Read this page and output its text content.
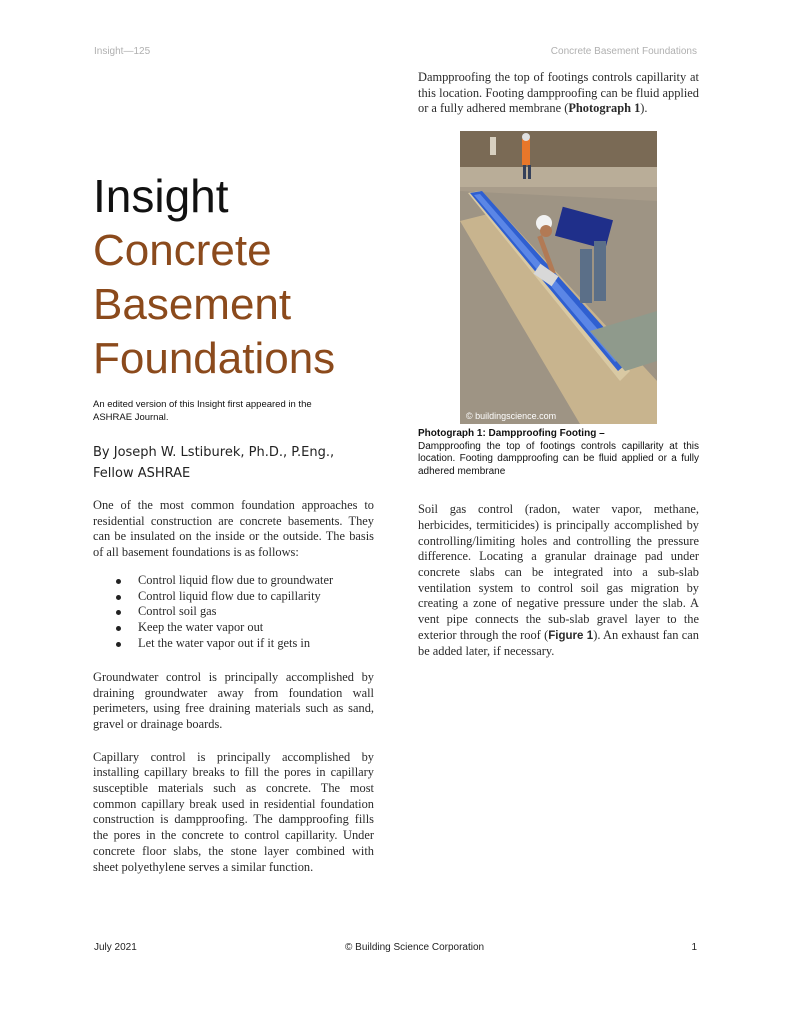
Insight—125	Concrete Basement Foundations

Insight

Concrete

Basement

Foundations

An edited version of this Insight first appeared in the ASHRAE Journal.
By Joseph W. Lstiburek, Ph.D., P.Eng.,
Fellow ASHRAE

One of the most common foundation approaches to residential construction are concrete basements. They can be insulated on the inside or the outside. The basis of all basement foundations is as follows:

Control liquid flow due to groundwater
Control liquid flow due to capillarity
Control soil gas
Keep the water vapor out
Let the water vapor out if it gets in

Groundwater control is principally accomplished by draining groundwater away from foundation wall perimeters, using free draining materials such as sand, gravel or drainage boards.

Capillary control is principally accomplished by installing capillary breaks to fill the pores in capillary susceptible materials such as concrete. The most common capillary break used in residential foundation construction is dampproofing. The dampproofing fills the pores in the concrete to control capillarity. Under concrete floor slabs, the stone layer combined with sheet polyethylene serves a similar function.

Dampproofing the top of footings controls capillarity at this location. Footing dampproofing can be fluid applied or a fully adhered membrane (Photograph 1).

© buildingscience.com
Photograph 1: Dampproofing Footing –
Dampproofing the top of footings controls capillarity at this location. Footing dampproofing can be fluid applied or a fully adhered membrane

Soil gas control (radon, water vapor, methane, herbicides, termiticides) is principally accomplished by controlling/limiting holes and controlling the pressure difference. Locating a granular drainage pad under concrete slabs can be integrated into a sub-slab ventilation system to control soil gas migration by creating a zone of negative pressure under the slab. A vent pipe connects the sub-slab gravel layer to the exterior through the roof (Figure 1). An exhaust fan can be added later, if necessary.

July 2021	© Building Science Corporation	1
